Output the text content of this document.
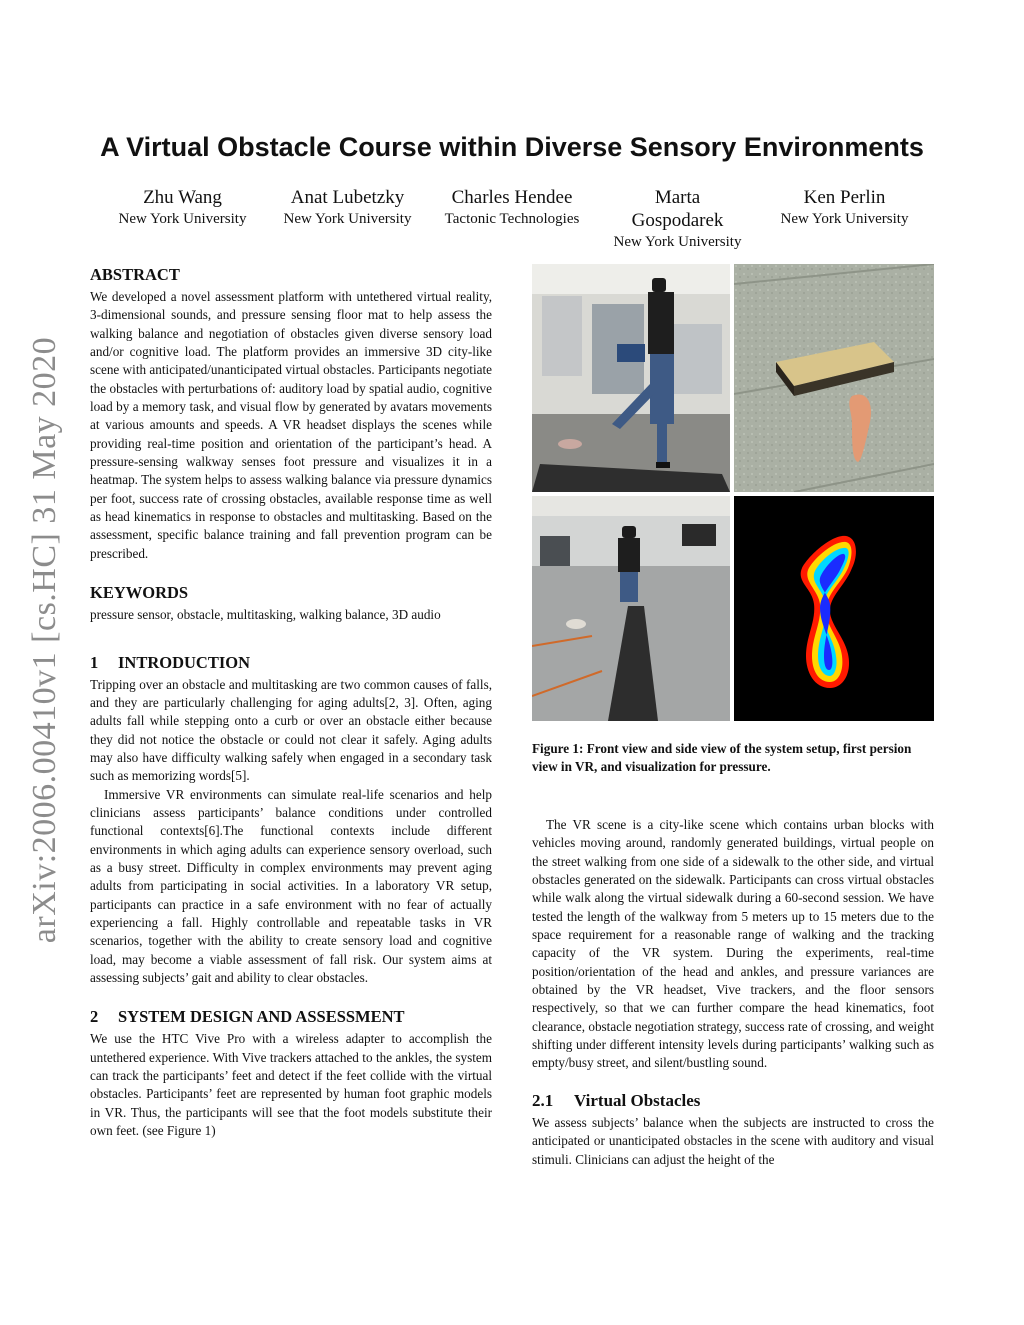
arXiv:2006.00410v1 [cs.HC] 31 May 2020
A Virtual Obstacle Course within Diverse Sensory Environments
Zhu Wang
New York University
Anat Lubetzky
New York University
Charles Hendee
Tactonic Technologies
Marta Gospodarek
New York University
Ken Perlin
New York University
ABSTRACT

We developed a novel assessment platform with untethered virtual reality, 3-dimensional sounds, and pressure sensing floor mat to help assess the walking balance and negotiation of obstacles given diverse sensory load and/or cognitive load. The platform provides an immersive 3D city-like scene with anticipated/unanticipated virtual obstacles. Participants negotiate the obstacles with perturbations of: auditory load by spatial audio, cognitive load by a memory task, and visual flow by generated by avatars movements at various amounts and speeds. A VR headset displays the scenes while providing real-time position and orientation of the participant’s head. A pressure-sensing walkway senses foot pressure and visualizes it in a heatmap. The system helps to assess walking balance via pressure dynamics per foot, success rate of crossing obstacles, available response time as well as head kinematics in response to obstacles and multitasking. Based on the assessment, specific balance training and fall prevention program can be prescribed.

KEYWORDS

pressure sensor, obstacle, multitasking, walking balance, 3D audio

1 INTRODUCTION

Tripping over an obstacle and multitasking are two common causes of falls, and they are particularly challenging for aging adults[2, 3]. Often, aging adults fall while stepping onto a curb or over an obstacle either because they did not notice the obstacle or could not clear it safely. Aging adults may also have difficulty walking safely when engaged in a secondary task such as memorizing words[5].

Immersive VR environments can simulate real-life scenarios and help clinicians assess participants’ balance conditions under controlled functional contexts[6].The functional contexts include different environments in which aging adults can experience sensory overload, such as a busy street. Difficulty in complex environments may prevent aging adults from participating in social activities. In a laboratory VR setup, participants can practice in a safe environment with no fear of actually experiencing a fall. Highly controllable and repeatable tasks in VR scenarios, together with the ability to create sensory load and cognitive load, may become a viable assessment of fall risk. Our system aims at assessing subjects’ gait and ability to clear obstacles.

2 SYSTEM DESIGN AND ASSESSMENT

We use the HTC Vive Pro with a wireless adapter to accomplish the untethered experience. With Vive trackers attached to the ankles, the system can track the participants’ feet and detect if the feet collide with the virtual obstacles. Participants’ feet are represented by human foot graphic models in VR. Thus, the participants will see that the foot models substitute their own feet. (see Figure 1)

Figure 1: Front view and side view of the system setup, first persion view in VR, and visualization for pressure.

The VR scene is a city-like scene which contains urban blocks with vehicles moving around, randomly generated buildings, virtual people on the street walking from one side of a sidewalk to the other side, and virtual obstacles generated on the sidewalk. Participants can cross virtual obstacles while walk along the virtual sidewalk during a 60-second session. We have tested the length of the walkway from 5 meters up to 15 meters due to the space requirement for a reasonable range of walking and the tracking capacity of the VR system. During the experiments, real-time position/orientation of the head and ankles, and pressure variances are obtained by the VR headset, Vive trackers, and the floor sensors respectively, so that we can further compare the head kinematics, foot clearance, obstacle negotiation strategy, success rate of crossing, and weight shifting under different intensity levels during participants’ walking such as empty/busy street, and silent/bustling sound.

2.1 Virtual Obstacles

We assess subjects’ balance when the subjects are instructed to cross the anticipated or unanticipated obstacles in the scene with auditory and visual stimuli. Clinicians can adjust the height of the
